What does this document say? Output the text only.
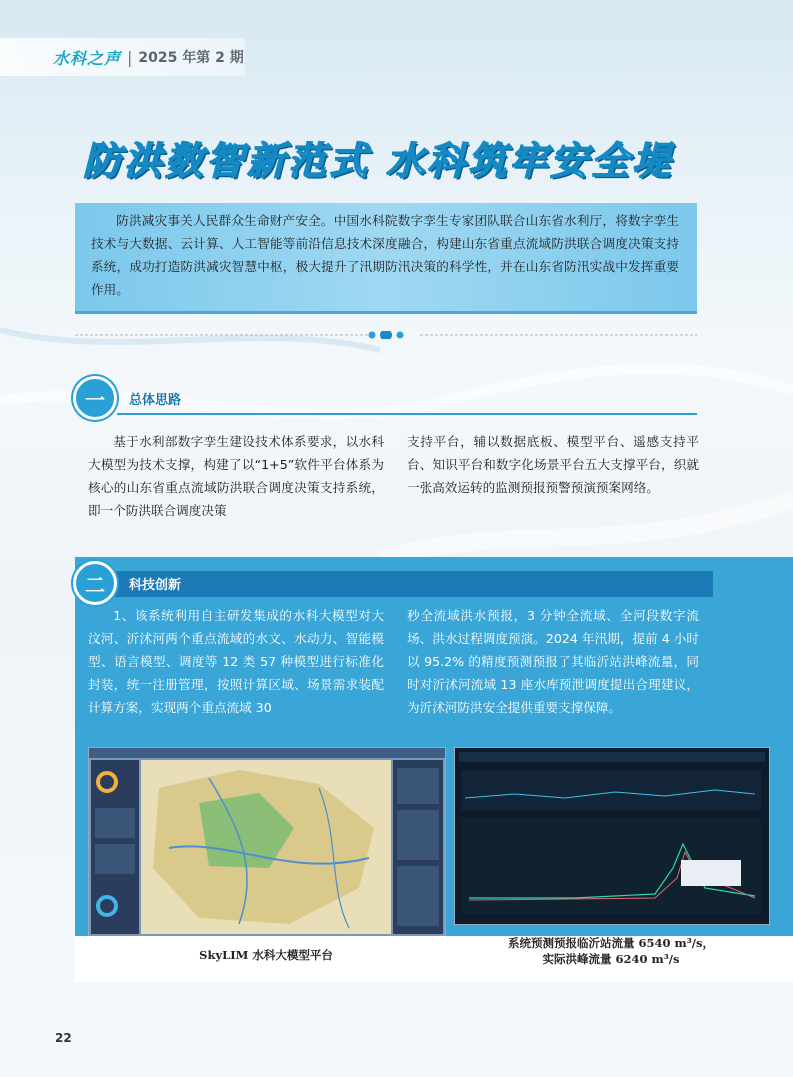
水科之声 | 2025 年第 2 期
防洪数智新范式 水科筑牢安全堤

防洪减灾事关人民群众生命财产安全。中国水科院数字孪生专家团队联合山东省水利厅，将数字孪生技术与大数据、云计算、人工智能等前沿信息技术深度融合，构建山东省重点流域防洪联合调度决策支持系统，成功打造防洪减灾智慧中枢，极大提升了汛期防汛决策的科学性，并在山东省防汛实战中发挥重要作用。

一	总体思路

基于水利部数字孪生建设技术体系要求，以水科大模型为技术支撑，构建了以“1+5”软件平台体系为核心的山东省重点流域防洪联合调度决策支持系统，即一个防洪联合调度决策

支持平台，辅以数据底板、模型平台、遥感支持平台、知识平台和数字化场景平台五大支撑平台，织就一张高效运转的监测预报预警预演预案网络。

二	科技创新

1、该系统利用自主研发集成的水科大模型对大汶河、沂沭河两个重点流域的水文、水动力、智能模型、语言模型、调度等 12 类 57 种模型进行标准化封装，统一注册管理，按照计算区域、场景需求装配计算方案，实现两个重点流域 30

秒全流域洪水预报，3 分钟全流域、全河段数字流场、洪水过程调度预演。2024 年汛期，提前 4 小时以 95.2% 的精度预测预报了其临沂站洪峰流量，同时对沂沭河流域 13 座水库预泄调度提出合理建议，为沂沭河防洪安全提供重要支撑保障。

SkyLIM 水科大模型平台
系统预测预报临沂站流量 6540 m³/s，
实际洪峰流量 6240 m³/s
22
